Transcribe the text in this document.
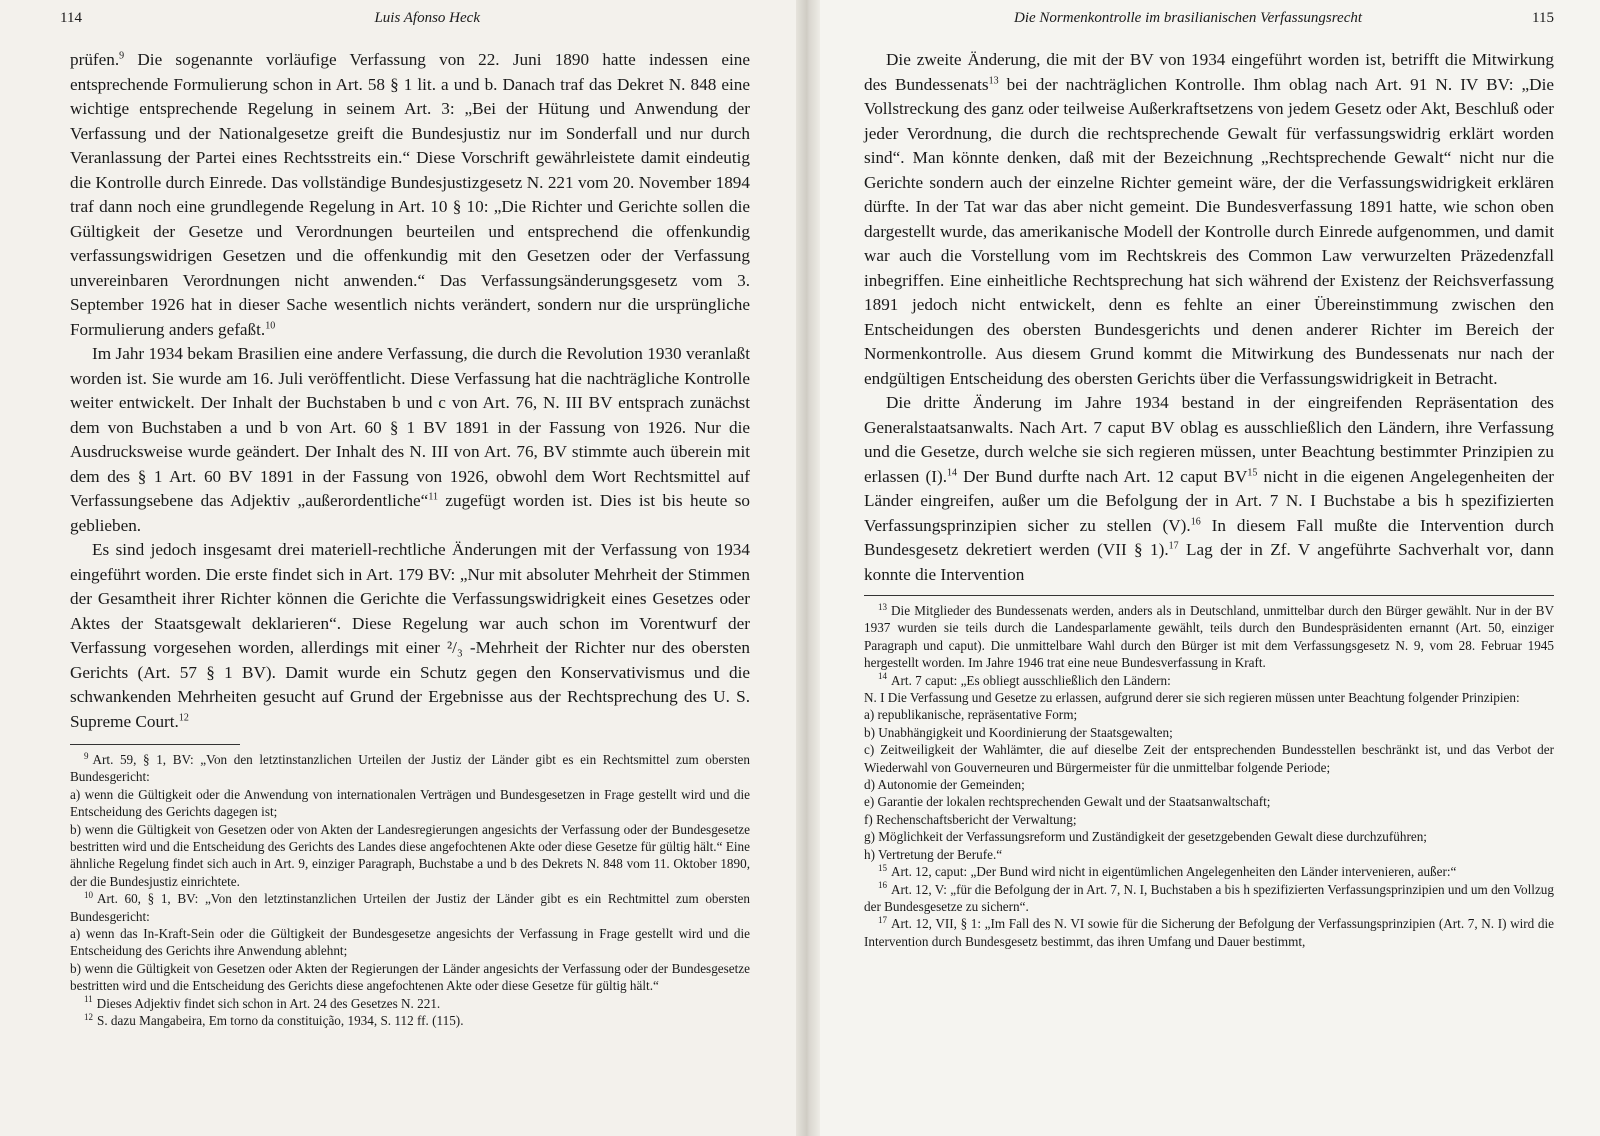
114	Luis Afonso Heck

prüfen.$^9$ Die sogenannte vorläufige Verfassung von 22. Juni 1890 hatte indessen eine entsprechende Formulierung schon in Art. 58 § 1 lit. a und b. Danach traf das Dekret N. 848 eine wichtige entsprechende Regelung in seinem Art. 3: „Bei der Hütung und Anwendung der Verfassung und der Nationalgesetze greift die Bundesjustiz nur im Sonderfall und nur durch Veranlassung der Partei eines Rechtsstreits ein.“ Diese Vorschrift gewährleistete damit eindeutig die Kontrolle durch Einrede. Das vollständige Bundesjustizgesetz N. 221 vom 20. November 1894 traf dann noch eine grundlegende Regelung in Art. 10 § 10: „Die Richter und Gerichte sollen die Gültigkeit der Gesetze und Verordnungen beurteilen und entsprechend die offenkundig verfassungswidrigen Gesetzen und die offenkundig mit den Gesetzen oder der Verfassung unvereinbaren Verordnungen nicht anwenden.“ Das Verfassungsänderungsgesetz vom 3. September 1926 hat in dieser Sache wesentlich nichts verändert, sondern nur die ursprüngliche Formulierung anders gefaßt.$^{10}$

Im Jahr 1934 bekam Brasilien eine andere Verfassung, die durch die Revolution 1930 veranlaßt worden ist. Sie wurde am 16. Juli veröffentlicht. Diese Verfassung hat die nachträgliche Kontrolle weiter entwickelt. Der Inhalt der Buchstaben b und c von Art. 76, N. III BV entsprach zunächst dem von Buchstaben a und b von Art. 60 § 1 BV 1891 in der Fassung von 1926. Nur die Ausdrucksweise wurde geändert. Der Inhalt des N. III von Art. 76, BV stimmte auch überein mit dem des § 1 Art. 60 BV 1891 in der Fassung von 1926, obwohl dem Wort Rechtsmittel auf Verfassungsebene das Adjektiv „außerordentliche“$^{11}$ zugefügt worden ist. Dies ist bis heute so geblieben.

Es sind jedoch insgesamt drei materiell-rechtliche Änderungen mit der Verfassung von 1934 eingeführt worden. Die erste findet sich in Art. 179 BV: „Nur mit absoluter Mehrheit der Stimmen der Gesamtheit ihrer Richter können die Gerichte die Verfassungswidrigkeit eines Gesetzes oder Aktes der Staatsgewalt deklarieren“. Diese Regelung war auch schon im Vorentwurf der Verfassung vorgesehen worden, allerdings mit einer ²/₃ -Mehrheit der Richter nur des obersten Gerichts (Art. 57 § 1 BV). Damit wurde ein Schutz gegen den Konservativismus und die schwankenden Mehrheiten gesucht auf Grund der Ergebnisse aus der Rechtsprechung des U. S. Supreme Court.$^{12}$

$^9$ Art. 59, § 1, BV: „Von den letztinstanzlichen Urteilen der Justiz der Länder gibt es ein Rechtsmittel zum obersten Bundesgericht:

a) wenn die Gültigkeit oder die Anwendung von internationalen Verträgen und Bundesgesetzen in Frage gestellt wird und die Entscheidung des Gerichts dagegen ist;

b) wenn die Gültigkeit von Gesetzen oder von Akten der Landesregierungen angesichts der Verfassung oder der Bundesgesetze bestritten wird und die Entscheidung des Gerichts des Landes diese angefochtenen Akte oder diese Gesetze für gültig hält.“ Eine ähnliche Regelung findet sich auch in Art. 9, einziger Paragraph, Buchstabe a und b des Dekrets N. 848 vom 11. Oktober 1890, der die Bundesjustiz einrichtete.

$^{10}$ Art. 60, § 1, BV: „Von den letztinstanzlichen Urteilen der Justiz der Länder gibt es ein Rechtmittel zum obersten Bundesgericht:

a) wenn das In-Kraft-Sein oder die Gültigkeit der Bundesgesetze angesichts der Verfassung in Frage gestellt wird und die Entscheidung des Gerichts ihre Anwendung ablehnt;

b) wenn die Gültigkeit von Gesetzen oder Akten der Regierungen der Länder angesichts der Verfassung oder der Bundesgesetze bestritten wird und die Entscheidung des Gerichts diese angefochtenen Akte oder diese Gesetze für gültig hält.“

$^{11}$ Dieses Adjektiv findet sich schon in Art. 24 des Gesetzes N. 221.

$^{12}$ S. dazu Mangabeira, Em torno da constituição, 1934, S. 112 ff. (115).

Die Normenkontrolle im brasilianischen Verfassungsrecht	115

Die zweite Änderung, die mit der BV von 1934 eingeführt worden ist, betrifft die Mitwirkung des Bundessenats$^{13}$ bei der nachträglichen Kontrolle. Ihm oblag nach Art. 91 N. IV BV: „Die Vollstreckung des ganz oder teilweise Außerkraftsetzens von jedem Gesetz oder Akt, Beschluß oder jeder Verordnung, die durch die rechtsprechende Gewalt für verfassungswidrig erklärt worden sind“. Man könnte denken, daß mit der Bezeichnung „Rechtsprechende Gewalt“ nicht nur die Gerichte sondern auch der einzelne Richter gemeint wäre, der die Verfassungswidrigkeit erklären dürfte. In der Tat war das aber nicht gemeint. Die Bundesverfassung 1891 hatte, wie schon oben dargestellt wurde, das amerikanische Modell der Kontrolle durch Einrede aufgenommen, und damit war auch die Vorstellung vom im Rechtskreis des Common Law verwurzelten Präzedenzfall inbegriffen. Eine einheitliche Rechtsprechung hat sich während der Existenz der Reichsverfassung 1891 jedoch nicht entwickelt, denn es fehlte an einer Übereinstimmung zwischen den Entscheidungen des obersten Bundesgerichts und denen anderer Richter im Bereich der Normenkontrolle. Aus diesem Grund kommt die Mitwirkung des Bundessenats nur nach der endgültigen Entscheidung des obersten Gerichts über die Verfassungswidrigkeit in Betracht.

Die dritte Änderung im Jahre 1934 bestand in der eingreifenden Repräsentation des Generalstaatsanwalts. Nach Art. 7 caput BV oblag es ausschließlich den Ländern, ihre Verfassung und die Gesetze, durch welche sie sich regieren müssen, unter Beachtung bestimmter Prinzipien zu erlassen (I).$^{14}$ Der Bund durfte nach Art. 12 caput BV$^{15}$ nicht in die eigenen Angelegenheiten der Länder eingreifen, außer um die Befolgung der in Art. 7 N. I Buchstabe a bis h spezifizierten Verfassungsprinzipien sicher zu stellen (V).$^{16}$ In diesem Fall mußte die Intervention durch Bundesgesetz dekretiert werden (VII § 1).$^{17}$ Lag der in Zf. V angeführte Sachverhalt vor, dann konnte die Intervention

$^{13}$ Die Mitglieder des Bundessenats werden, anders als in Deutschland, unmittelbar durch den Bürger gewählt. Nur in der BV 1937 wurden sie teils durch die Landesparlamente gewählt, teils durch den Bundespräsidenten ernannt (Art. 50, einziger Paragraph und caput). Die unmittelbare Wahl durch den Bürger ist mit dem Verfassungsgesetz N. 9, vom 28. Februar 1945 hergestellt worden. Im Jahre 1946 trat eine neue Bundesverfassung in Kraft.

$^{14}$ Art. 7 caput: „Es obliegt ausschließlich den Ländern:

N. I Die Verfassung und Gesetze zu erlassen, aufgrund derer sie sich regieren müssen unter Beachtung folgender Prinzipien:

a) republikanische, repräsentative Form;

b) Unabhängigkeit und Koordinierung der Staatsgewalten;

c) Zeitweiligkeit der Wahlämter, die auf dieselbe Zeit der entsprechenden Bundesstellen beschränkt ist, und das Verbot der Wiederwahl von Gouverneuren und Bürgermeister für die unmittelbar folgende Periode;

d) Autonomie der Gemeinden;

e) Garantie der lokalen rechtsprechenden Gewalt und der Staatsanwaltschaft;

f) Rechenschaftsbericht der Verwaltung;

g) Möglichkeit der Verfassungsreform und Zuständigkeit der gesetzgebenden Gewalt diese durchzuführen;

h) Vertretung der Berufe.“

$^{15}$ Art. 12, caput: „Der Bund wird nicht in eigentümlichen Angelegenheiten den Länder intervenieren, außer:“

$^{16}$ Art. 12, V: „für die Befolgung der in Art. 7, N. I, Buchstaben a bis h spezifizierten Verfassungsprinzipien und um den Vollzug der Bundesgesetze zu sichern“.

$^{17}$ Art. 12, VII, § 1: „Im Fall des N. VI sowie für die Sicherung der Befolgung der Verfassungsprinzipien (Art. 7, N. I) wird die Intervention durch Bundesgesetz bestimmt, das ihren Umfang und Dauer bestimmt,
